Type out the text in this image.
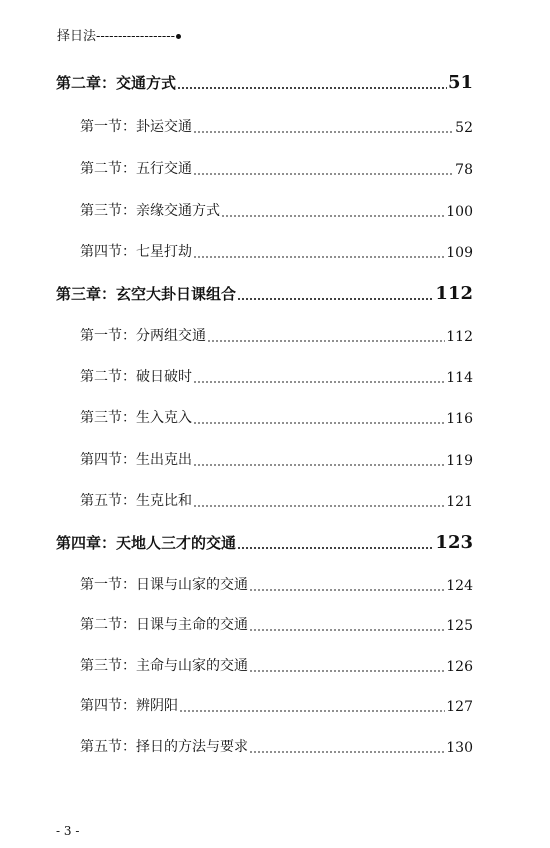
择日法------------------
第二章：交通方式	51
第一节：卦运交通	52
第二节：五行交通	78
第三节：亲缘交通方式	100
第四节：七星打劫	109
第三章：玄空大卦日课组合	112
第一节：分两组交通	112
第二节：破日破时	114
第三节：生入克入	116
第四节：生出克出	119
第五节：生克比和	121
第四章：天地人三才的交通	123
第一节：日课与山家的交通	124
第二节：日课与主命的交通	125
第三节：主命与山家的交通	126
第四节：辨阴阳	127
第五节：择日的方法与要求	130
- 3 -
